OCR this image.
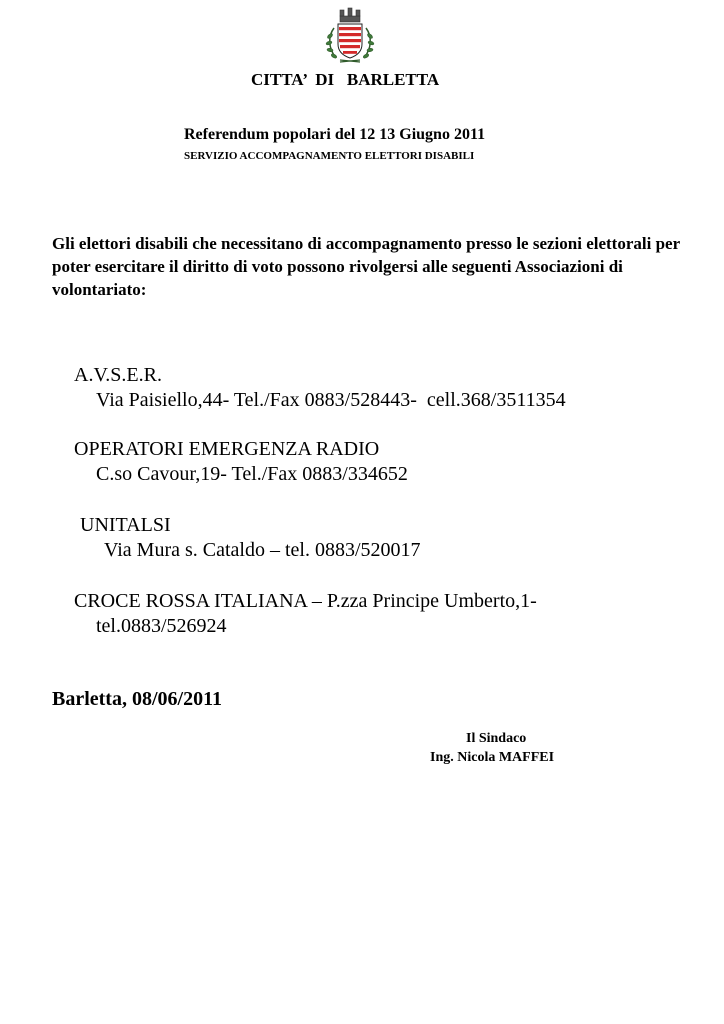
CITTA’  DI   BARLETTA
Referendum popolari del 12 13 Giugno 2011
SERVIZIO ACCOMPAGNAMENTO ELETTORI DISABILI
Gli elettori disabili che necessitano di accompagnamento presso le sezioni elettorali per poter esercitare il diritto di voto possono rivolgersi alle seguenti Associazioni di volontariato:
A.V.S.E.R.
Via Paisiello,44- Tel./Fax 0883/528443-  cell.368/3511354
OPERATORI EMERGENZA RADIO
C.so Cavour,19- Tel./Fax 0883/334652
UNITALSI
Via Mura s. Cataldo – tel. 0883/520017
CROCE ROSSA ITALIANA – P.zza Principe Umberto,1-
tel.0883/526924
Barletta, 08/06/2011
Il Sindaco
Ing. Nicola MAFFEI
